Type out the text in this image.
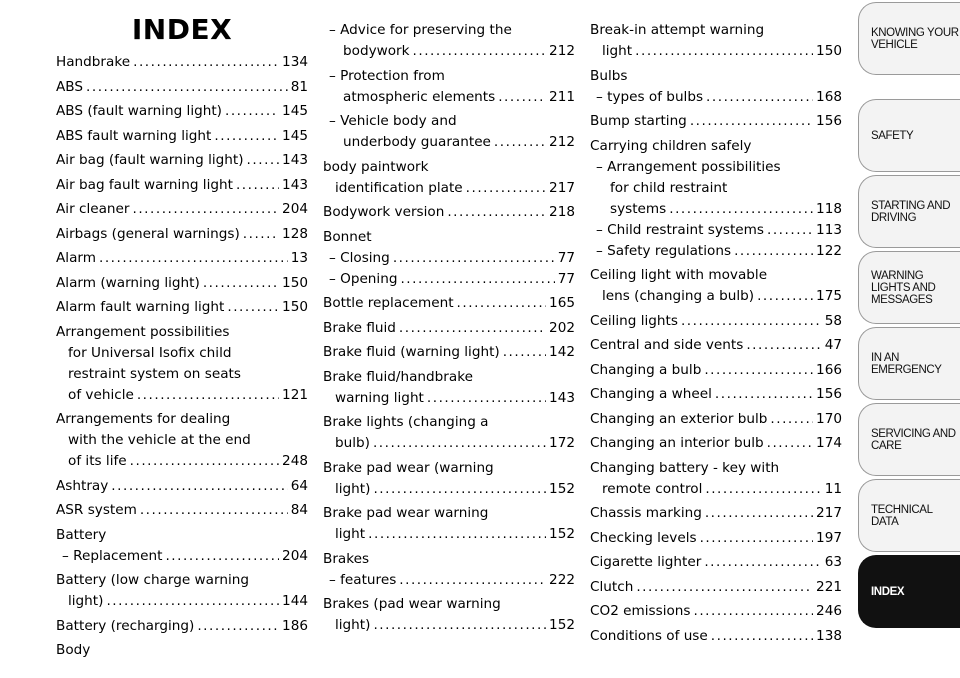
INDEX
Handbrake . . .	134
ABS . . .	81
ABS (fault warning light) . . .	145
ABS fault warning light . . .	145
Air bag (fault warning light) . . .	143
Air bag fault warning light . . .	143
Air cleaner . . .	204
Airbags (general warnings) . . .	128
Alarm . . .	13
Alarm (warning light) . . .	150
Alarm fault warning light . . .	150
Arrangement possibilities
for Universal Isofix child
restraint system on seats
of vehicle . . .	121
Arrangements for dealing
with the vehicle at the end
of its life . . .	248
Ashtray . . .	64
ASR system . . .	84
Battery
– Replacement . . .	204
Battery (low charge warning
light) . . .	144
Battery (recharging) . . .	186
Body
– Advice for preserving the
bodywork . . .	212
– Protection from
atmospheric elements . . .	211
– Vehicle body and
underbody guarantee . . .	212
body paintwork
identification plate . . .	217
Bodywork version . . .	218
Bonnet
– Closing . . .	77
– Opening . . .	77
Bottle replacement . . .	165
Brake fluid . . .	202
Brake fluid (warning light) . . .	142
Brake fluid/handbrake
warning light . . .	143
Brake lights (changing a
bulb) . . .	172
Brake pad wear (warning
light) . . .	152
Brake pad wear warning
light . . .	152
Brakes
– features . . .	222
Brakes (pad wear warning
light) . . .	152
Break-in attempt warning
light . . .	150
Bulbs
– types of bulbs . . .	168
Bump starting . . .	156
Carrying children safely
– Arrangement possibilities
for child restraint
systems . . .	118
– Child restraint systems . . .	113
– Safety regulations . . .	122
Ceiling light with movable
lens (changing a bulb) . . .	175
Ceiling lights . . .	58
Central and side vents . . .	47
Changing a bulb . . .	166
Changing a wheel . . .	156
Changing an exterior bulb . . .	170
Changing an interior bulb . . .	174
Changing battery - key with
remote control . . .	11
Chassis marking . . .	217
Checking levels . . .	197
Cigarette lighter . . .	63
Clutch . . .	221
CO2 emissions . . .	246
Conditions of use . . .	138
KNOWING YOUR VEHICLE
SAFETY
STARTING AND DRIVING
WARNING LIGHTS AND MESSAGES
IN AN EMERGENCY
SERVICING AND CARE
TECHNICAL DATA
INDEX
